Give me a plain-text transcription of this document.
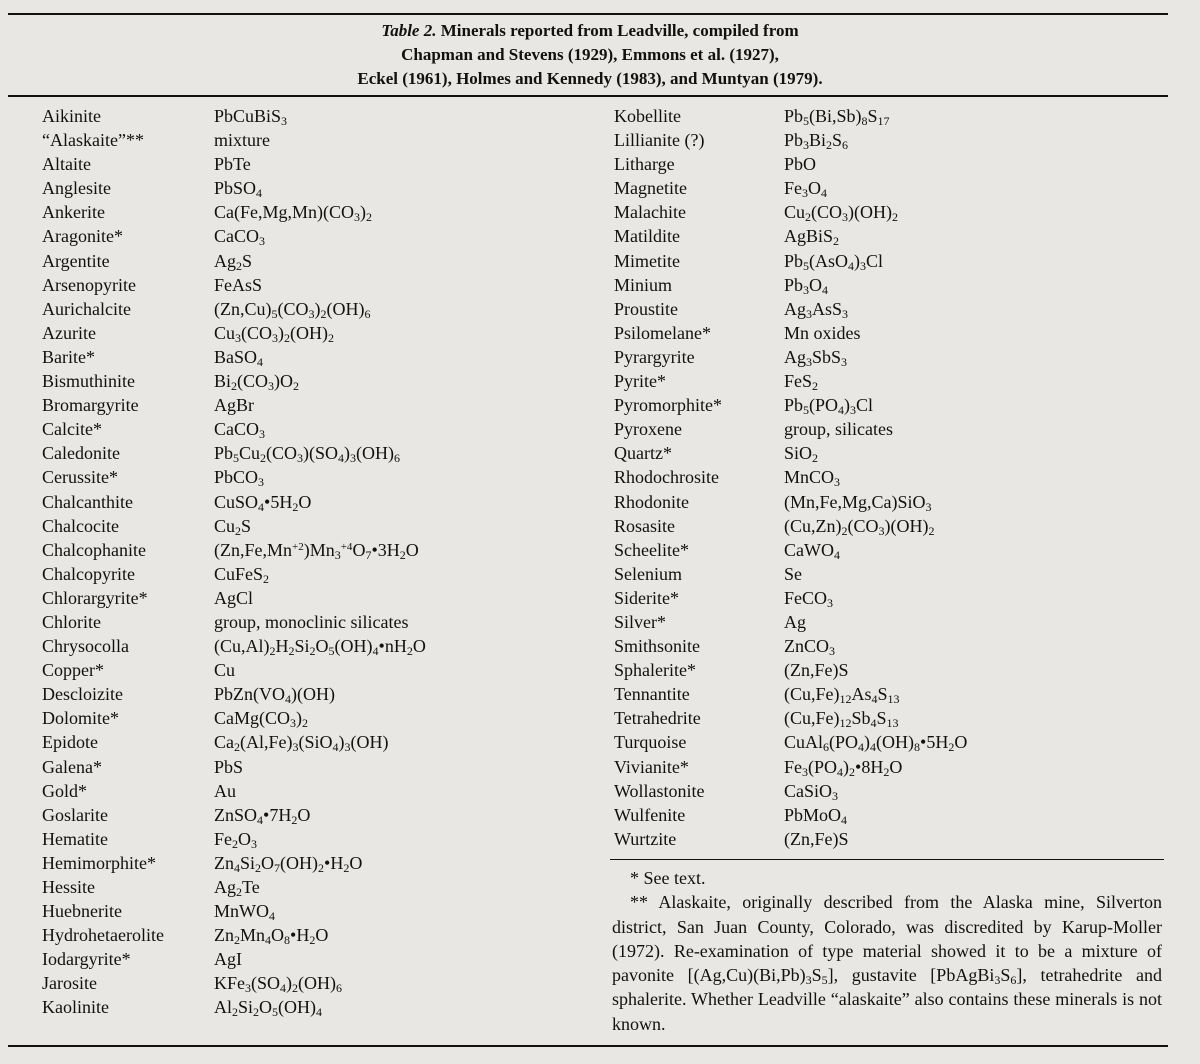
Table 2. Minerals reported from Leadville, compiled from
Chapman and Stevens (1929), Emmons et al. (1927),
Eckel (1961), Holmes and Kennedy (1983), and Muntyan (1979).
Aikinite	PbCuBiS$_3$
“Alaskaite”**	mixture
Altaite	PbTe
Anglesite	PbSO$_4$
Ankerite	$Ca(Fe,Mg,Mn)(CO_3)_2$
Aragonite*	CaCO$_3$
Argentite	$Ag_2S$
Arsenopyrite	FeAsS
Aurichalcite	$(Zn,Cu)_5(CO_3)_2(OH)_6$
Azurite	$Cu_3(CO_3)_2(OH)_2$
Barite*	BaSO$_4$
Bismuthinite	$Bi_2(CO_3)O_2$
Bromargyrite	AgBr
Calcite*	CaCO$_3$
Caledonite	$Pb_5Cu_2(CO_3)(SO_4)_3(OH)_6$
Cerussite*	PbCO$_3$
Chalcanthite	$CuSO_4•5H_2O$
Chalcocite	$Cu_2S$
Chalcophanite	$(Zn,Fe,Mn^{+2})Mn_3^{+4}O_7•3H_2O$
Chalcopyrite	CuFeS$_2$
Chlorargyrite*	AgCl
Chlorite	group, monoclinic silicates
Chrysocolla	$(Cu,Al)_2H_2Si_2O_5(OH)_4•nH_2O$
Copper*	Cu
Descloizite	$PbZn(VO_4)(OH)$
Dolomite*	$CaMg(CO_3)_2$
Epidote	$Ca_2(Al,Fe)_3(SiO_4)_3(OH)$
Galena*	PbS
Gold*	Au
Goslarite	$ZnSO_4•7H_2O$
Hematite	$Fe_2O_3$
Hemimorphite*	$Zn_4Si_2O_7(OH)_2•H_2O$
Hessite	$Ag_2Te$
Huebnerite	MnWO$_4$
Hydrohetaerolite	$Zn_2Mn_4O_8•H_2O$
Iodargyrite*	AgI
Jarosite	$KFe_3(SO_4)_2(OH)_6$
Kaolinite	$Al_2Si_2O_5(OH)_4$
Kobellite	$Pb_5(Bi,Sb)_8S_{17}$
Lillianite (?)	$Pb_3Bi_2S_6$
Litharge	PbO
Magnetite	$Fe_3O_4$
Malachite	$Cu_2(CO_3)(OH)_2$
Matildite	AgBiS$_2$
Mimetite	$Pb_5(AsO_4)_3Cl$
Minium	$Pb_3O_4$
Proustite	$Ag_3AsS_3$
Psilomelane*	Mn oxides
Pyrargyrite	$Ag_3SbS_3$
Pyrite*	FeS$_2$
Pyromorphite*	$Pb_5(PO_4)_3Cl$
Pyroxene	group, silicates
Quartz*	SiO$_2$
Rhodochrosite	MnCO$_3$
Rhodonite	(Mn,Fe,Mg,Ca)SiO$_3$
Rosasite	$(Cu,Zn)_2(CO_3)(OH)_2$
Scheelite*	CaWO$_4$
Selenium	Se
Siderite*	FeCO$_3$
Silver*	Ag
Smithsonite	ZnCO$_3$
Sphalerite*	(Zn,Fe)S
Tennantite	$(Cu,Fe)_{12}As_4S_{13}$
Tetrahedrite	$(Cu,Fe)_{12}Sb_4S_{13}$
Turquoise	$CuAl_6(PO_4)_4(OH)_8•5H_2O$
Vivianite*	$Fe_3(PO_4)_2•8H_2O$
Wollastonite	CaSiO$_3$
Wulfenite	PbMoO$_4$
Wurtzite	(Zn,Fe)S

* See text.

** Alaskaite, originally described from the Alaska mine, Silverton district, San Juan County, Colorado, was discredited by Karup-Moller (1972). Re-examination of type material showed it to be a mixture of pavonite $[(Ag,Cu)(Bi,Pb)_3S_5]$, gustavite $[PbAgBi_3S_6]$, tetrahedrite and sphalerite. Whether Leadville “alaskaite” also contains these minerals is not known.
